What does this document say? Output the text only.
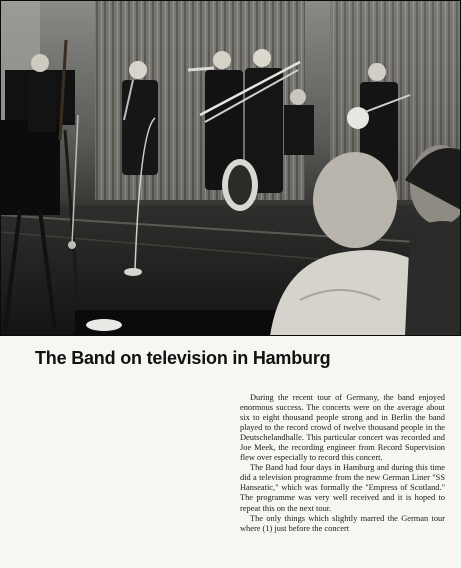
The Band on television in Hamburg

During the recent tour of Germany, the band enjoyed enormous success. The concerts were on the average about six to eight thousand people strong and in Berlin the band played to the record crowd of twelve thousand people in the Deutschelandhalle. This particular concert was recorded and Joe Meek, the recording engineer from Record Supervision flew over especially to record this concert.

The Band had four days in Hamburg and during this time did a television programme from the new German Liner "SS Hanseatic," which was formally the "Empress of Scotland." The programme was very well received and it is hoped to repeat this on the next tour.

The only things which slightly marred the German tour where (1) just before the concert
